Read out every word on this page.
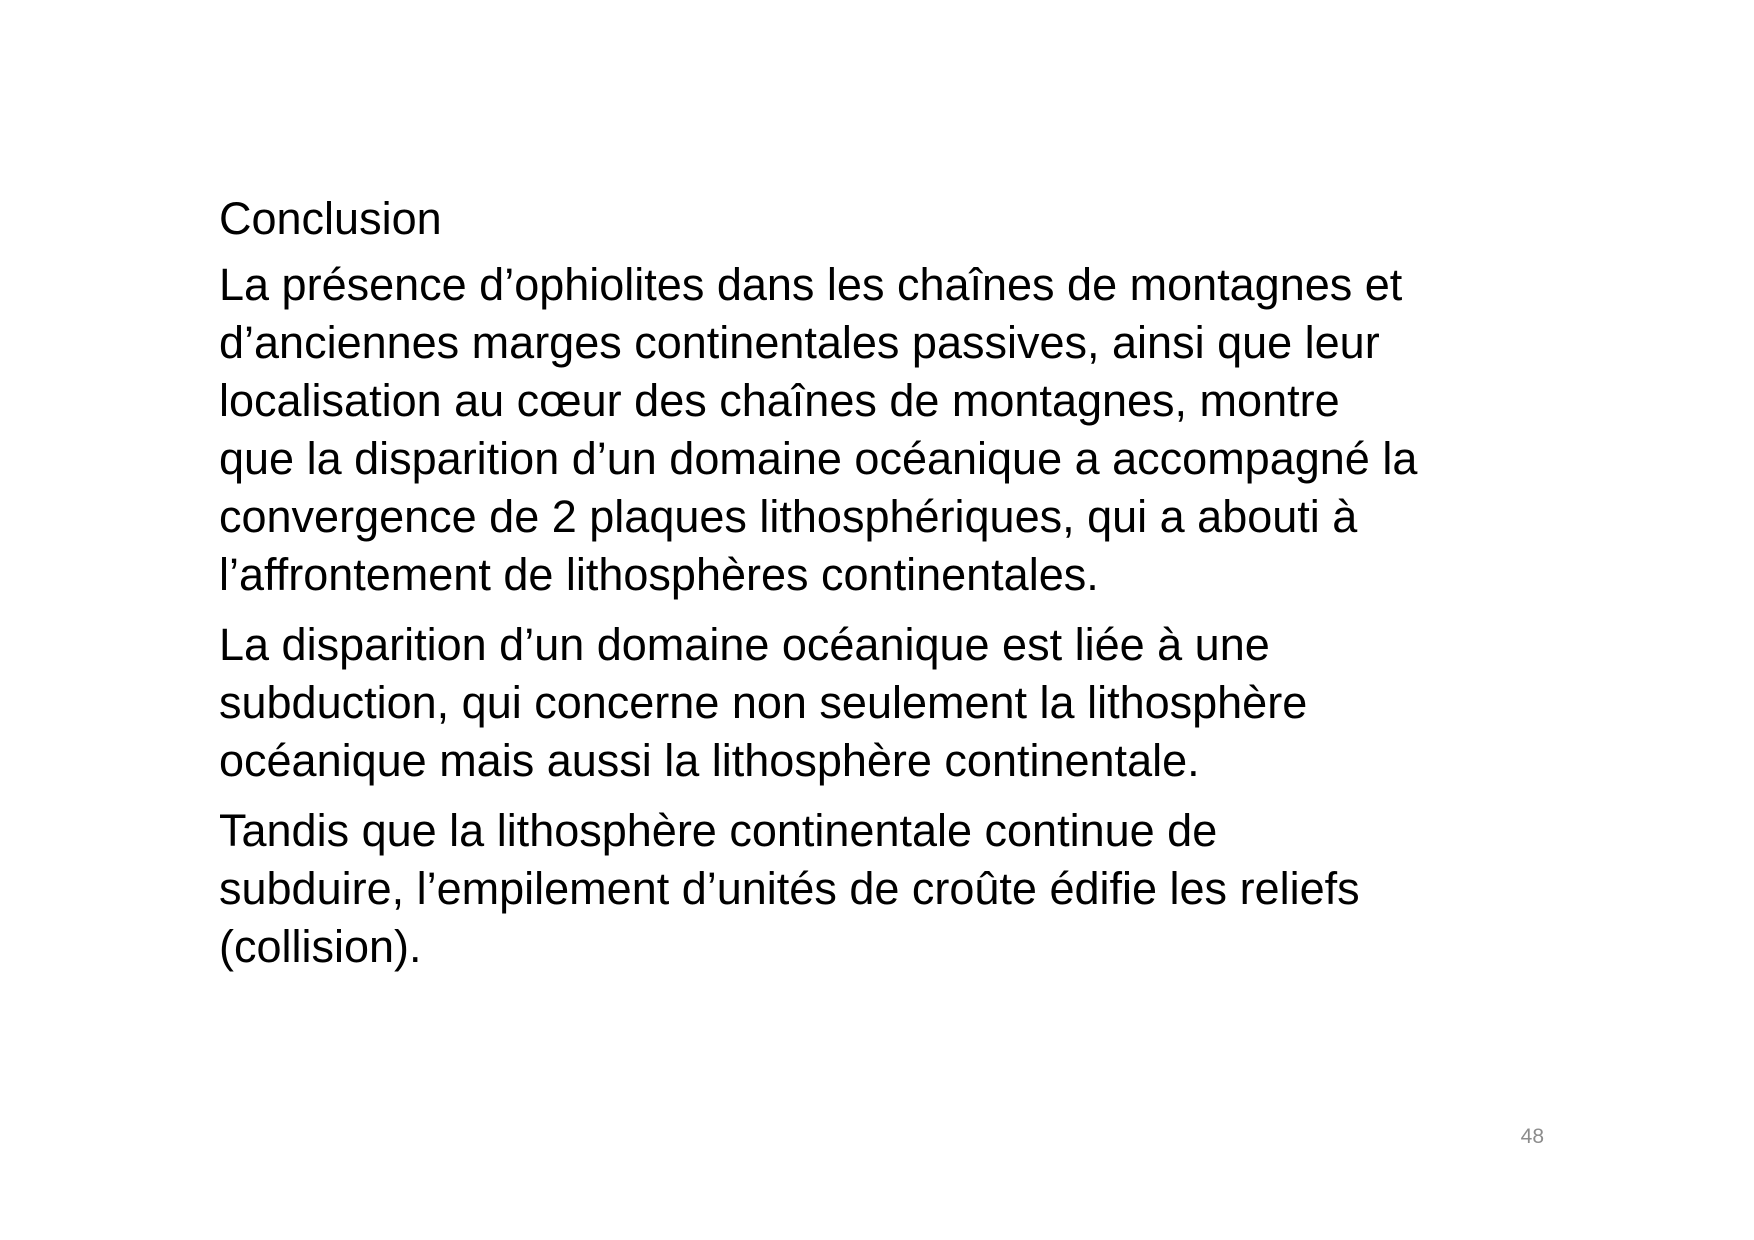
Conclusion
La présence d’ophiolites dans les chaînes de montagnes et
d’anciennes marges continentales passives, ainsi que leur
localisation au cœur des chaînes de montagnes, montre
que la disparition d’un domaine océanique a accompagné la
convergence de 2 plaques lithosphériques, qui a abouti à
l’affrontement de lithosphères continentales.
La disparition d’un domaine océanique est liée à une
subduction, qui concerne non seulement la lithosphère
océanique mais aussi la lithosphère continentale.
Tandis que la lithosphère continentale continue de
subduire, l’empilement d’unités de croûte édifie les reliefs
(collision).
48
